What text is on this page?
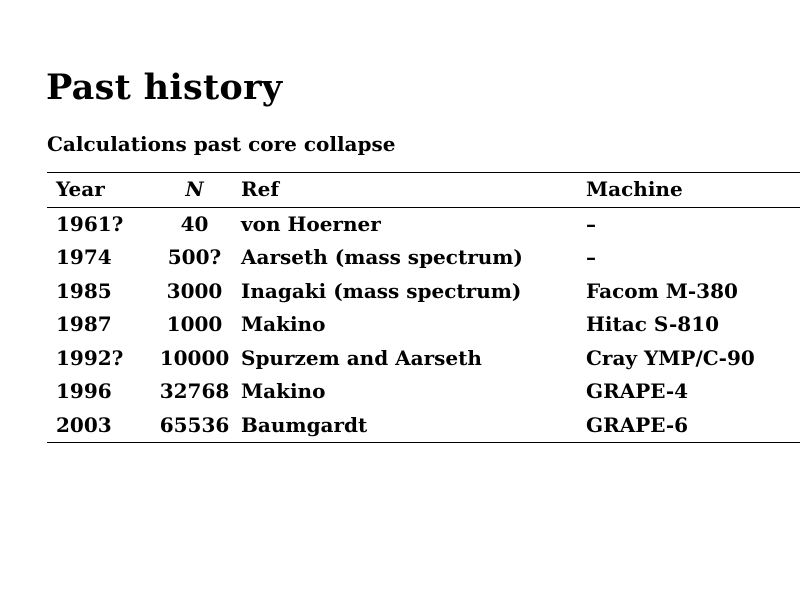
Past history
Calculations past core collapse
Year	N	Ref	Machine
1961?	40	von Hoerner	–
1974	500?	Aarseth (mass spectrum)	–
1985	3000	Inagaki (mass spectrum)	Facom M-380
1987	1000	Makino	Hitac S-810
1992?	10000	Spurzem and Aarseth	Cray YMP/C-90
1996	32768	Makino	GRAPE-4
2003	65536	Baumgardt	GRAPE-6
